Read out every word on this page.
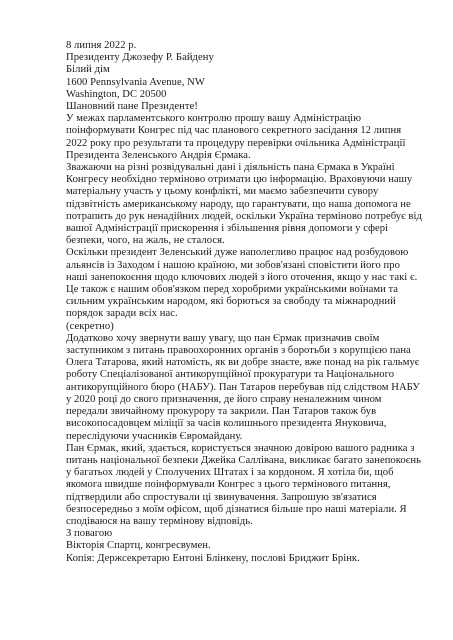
8 липня 2022 р.
Президенту Джозефу Р. Байдену
Білий дім
1600 Pennsylvania Avenue, NW
Washington, DC 20500
Шановний пане Президенте!
У межах парламентського контролю прошу вашу Адміністрацію
поінформувати Конгрес під час планового секретного засідання 12 липня
2022 року про результати та процедуру перевірки очільника Адміністрації
Президента Зеленського Андрія Єрмака.
Зважаючи на різні розвідувальні дані і діяльність пана Єрмака в Україні
Конгресу необхідно терміново отримати цю інформацію. Враховуючи нашу
матеріальну участь у цьому конфлікті, ми маємо забезпечити сувору
підзвітність американському народу, що гарантувати, що наша допомога не
потрапить до рук ненадійних людей, оскільки Україна терміново потребує від
вашої Адміністрації прискорення і збільшення рівня допомоги у сфері
безпеки, чого, на жаль, не сталося.
Оскільки президент Зеленський дуже наполегливо працює над розбудовою
альянсів із Заходом і нашою країною, ми зобов'язані сповістити його про
наші занепокоєння щодо ключових людей з його оточення, якщо у нас такі є.
Це також є нашим обов'язком перед хоробрими українськими воїнами та
сильним українським народом, які борються за свободу та міжнародний
порядок заради всіх нас.
(секретно)
Додатково хочу звернути вашу увагу, що пан Єрмак призначив своїм
заступником з питань правоохоронних органів з боротьби з корупцією пана
Олега Татарова, який натомість, як ви добре знаєте, вже понад на рік гальмує
роботу Спеціалізованої антикорупційної прокуратури та Національного
антикорупційного бюро (НАБУ). Пан Татаров перебував під слідством НАБУ
у 2020 році до свого призначення, де його справу неналежним чином
передали звичайному прокурору та закрили. Пан Татаров також був
високопосадовцем міліції за часів колишнього президента Януковича,
переслідуючи учасників Євромайдану.
Пан Єрмак, який, здається, користується значною довірою вашого радника з
питань національної безпеки Джейка Салліванa, викликає багато занепокоєнь
у багатьох людей у Сполучених Штатах і за кордоном. Я хотіла би, щоб
якомога швидше поінформували Конгрес з цього термінового питання,
підтвердили або спростували ці звинувачення. Запрошую зв'язатися
безпосередньо з моїм офісом, щоб дізнатися більше про наші матеріали. Я
сподіваюся на вашу термінову відповідь.
З повагою
Вікторія Спартц, конгресвумен.
Копія: Держсекретарю Ентоні Блінкену, послові Бриджит Брінк.
